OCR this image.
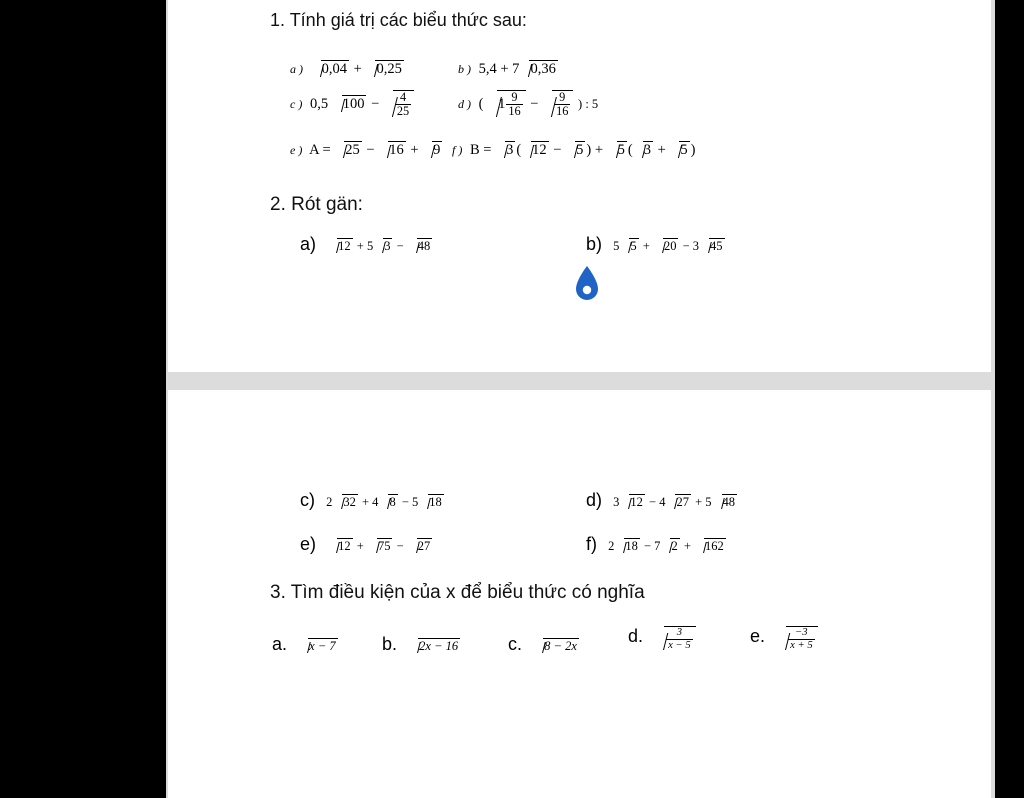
1. Tính giá trị các biểu thức sau:
a ) 0,04 + 0,25	b ) 5,4 + 7 0,36
c ) 0,5 $100 - \frac{4}{25}$	d ) ( $1 \frac{9}{16} - \frac{9}{16}$ ) : 5
e ) A = 25 − 16 + 9 f ) B = 3 ( 12 − 5 ) + 5 ( 3 + 5 )
2. Rót gän:
a) 12 + 5 3 − 48	b) 5 5 + 20 − 3 45
c) 2 32 + 4 8 − 5 18	d) 3 12 − 4 27 + 5 48
e) 12 + 75 − 27	f) 2 18 − 7 2 + 162
3. Tìm điều kiện của x để biểu thức có nghĩa
a. x − 7	b. 2x − 16	c. 8 − 2x	d. $\frac{3}{x - 5}$	e. $\frac{-3}{x + 5}$
